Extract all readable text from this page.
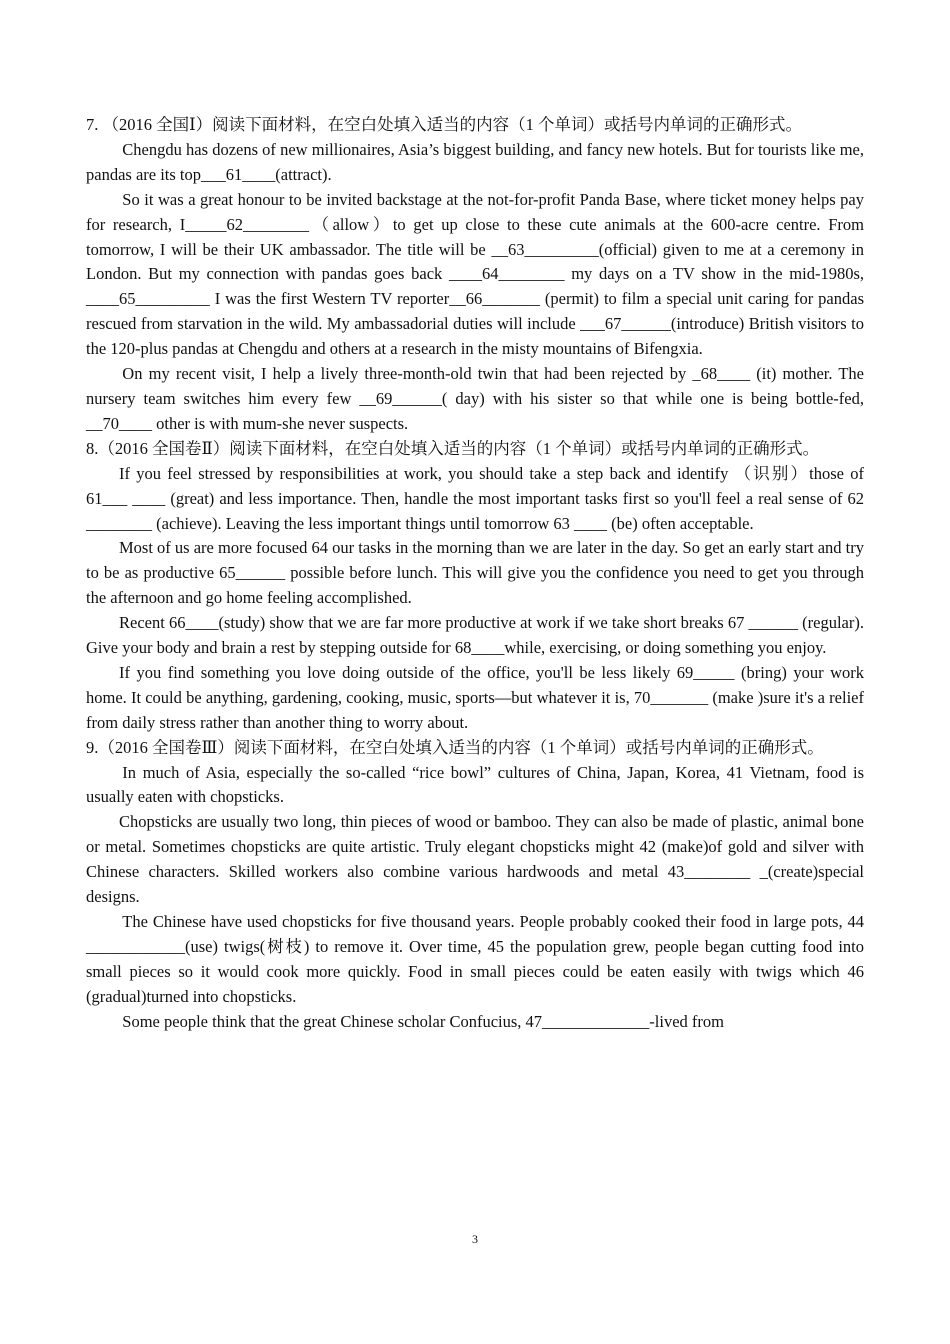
7. （2016 全国Ⅰ）阅读下面材料，在空白处填入适当的内容（1 个单词）或括号内单词的正确形式。

Chengdu has dozens of new millionaires, Asia’s biggest building, and fancy new hotels. But for tourists like me, pandas are its top___61____(attract).

So it was a great honour to be invited backstage at the not-for-profit Panda Base, where ticket money helps pay for research, I_____62________（allow）to get up close to these cute animals at the 600-acre centre. From tomorrow, I will be their UK ambassador. The title will be __63_________(official) given to me at a ceremony in London. But my connection with pandas goes back ____64________ my days on a TV show in the mid-1980s, ____65_________ I was the first Western TV reporter__66_______ (permit) to film a special unit caring for pandas rescued from starvation in the wild. My ambassadorial duties will include ___67______(introduce) British visitors to the 120-plus pandas at Chengdu and others at a research in the misty mountains of Bifengxia.

On my recent visit, I help a lively three-month-old twin that had been rejected by _68____ (it) mother. The nursery team switches him every few __69______( day) with his sister so that while one is being bottle-fed, __70____ other is with mum-she never suspects.

8.（2016 全国卷Ⅱ）阅读下面材料，在空白处填入适当的内容（1 个单词）或括号内单词的正确形式。

If you feel stressed by responsibilities at work, you should take a step back and identify （识别）those of 61___ ____ (great) and less importance. Then, handle the most important tasks first so you'll feel a real sense of 62 ________ (achieve). Leaving the less important things until tomorrow 63 ____ (be) often acceptable.

Most of us are more focused 64 our tasks in the morning than we are later in the day. So get an early start and try to be as productive 65______ possible before lunch. This will give you the confidence you need to get you through the afternoon and go home feeling accomplished.

Recent 66____(study) show that we are far more productive at work if we take short breaks 67 ______ (regular). Give your body and brain a rest by stepping outside for 68____while, exercising, or doing something you enjoy.

If you find something you love doing outside of the office, you'll be less likely 69_____ (bring) your work home. It could be anything, gardening, cooking, music, sports—but whatever it is, 70_______ (make )sure it's a relief from daily stress rather than another thing to worry about.

9.（2016 全国卷Ⅲ）阅读下面材料，在空白处填入适当的内容（1 个单词）或括号内单词的正确形式。

In much of Asia, especially the so-called “rice bowl” cultures of China, Japan, Korea, 41 Vietnam, food is usually eaten with chopsticks.

Chopsticks are usually two long, thin pieces of wood or bamboo. They can also be made of plastic, animal bone or metal. Sometimes chopsticks are quite artistic. Truly elegant chopsticks might 42 (make)of gold and silver with Chinese characters. Skilled workers also combine various hardwoods and metal 43________ _(create)special designs.

The Chinese have used chopsticks for five thousand years. People probably cooked their food in large pots, 44 ____________(use) twigs(树枝) to remove it. Over time, 45 the population grew, people began cutting food into small pieces so it would cook more quickly. Food in small pieces could be eaten easily with twigs which 46 (gradual)turned into chopsticks.

Some people think that the great Chinese scholar Confucius, 47_____________-lived from

3
